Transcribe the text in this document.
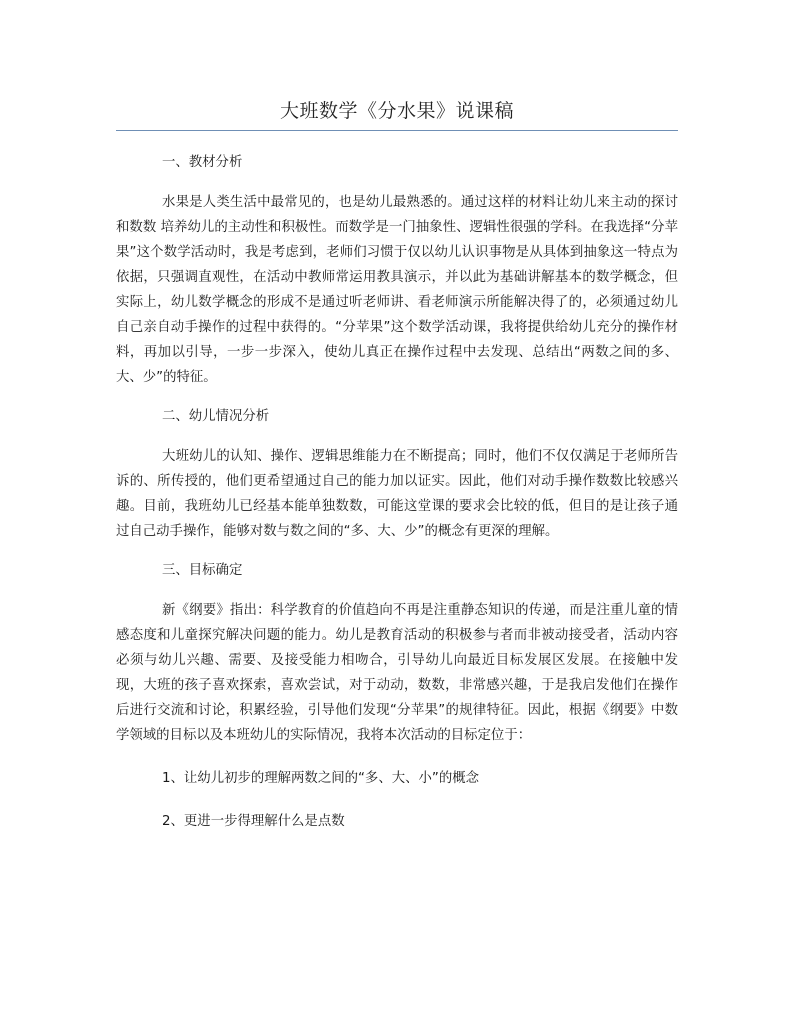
大班数学《分水果》说课稿

一、教材分析

水果是人类生活中最常见的，也是幼儿最熟悉的。通过这样的材料让幼儿来主动的探讨和数数 培养幼儿的主动性和积极性。而数学是一门抽象性、逻辑性很强的学科。在我选择“分苹果”这个数学活动时，我是考虑到，老师们习惯于仅以幼儿认识事物是从具体到抽象这一特点为依据，只强调直观性，在活动中教师常运用教具演示，并以此为基础讲解基本的数学概念，但实际上，幼儿数学概念的形成不是通过听老师讲、看老师演示所能解决得了的，必须通过幼儿自己亲自动手操作的过程中获得的。“分苹果”这个数学活动课，我将提供给幼儿充分的操作材料，再加以引导，一步一步深入，使幼儿真正在操作过程中去发现、总结出“两数之间的多、大、少”的特征。

二、幼儿情况分析

大班幼儿的认知、操作、逻辑思维能力在不断提高；同时，他们不仅仅满足于老师所告诉的、所传授的，他们更希望通过自己的能力加以证实。因此，他们对动手操作数数比较感兴趣。目前，我班幼儿已经基本能单独数数，可能这堂课的要求会比较的低，但目的是让孩子通过自己动手操作，能够对数与数之间的“多、大、少”的概念有更深的理解。

三、目标确定

新《纲要》指出：科学教育的价值趋向不再是注重静态知识的传递，而是注重儿童的情感态度和儿童探究解决问题的能力。幼儿是教育活动的积极参与者而非被动接受者，活动内容必须与幼儿兴趣、需要、及接受能力相吻合，引导幼儿向最近目标发展区发展。在接触中发现，大班的孩子喜欢探索，喜欢尝试，对于动动，数数，非常感兴趣，于是我启发他们在操作后进行交流和讨论，积累经验，引导他们发现“分苹果”的规律特征。因此，根据《纲要》中数学领域的目标以及本班幼儿的实际情况，我将本次活动的目标定位于：

1、让幼儿初步的理解两数之间的“多、大、小”的概念

2、更进一步得理解什么是点数
